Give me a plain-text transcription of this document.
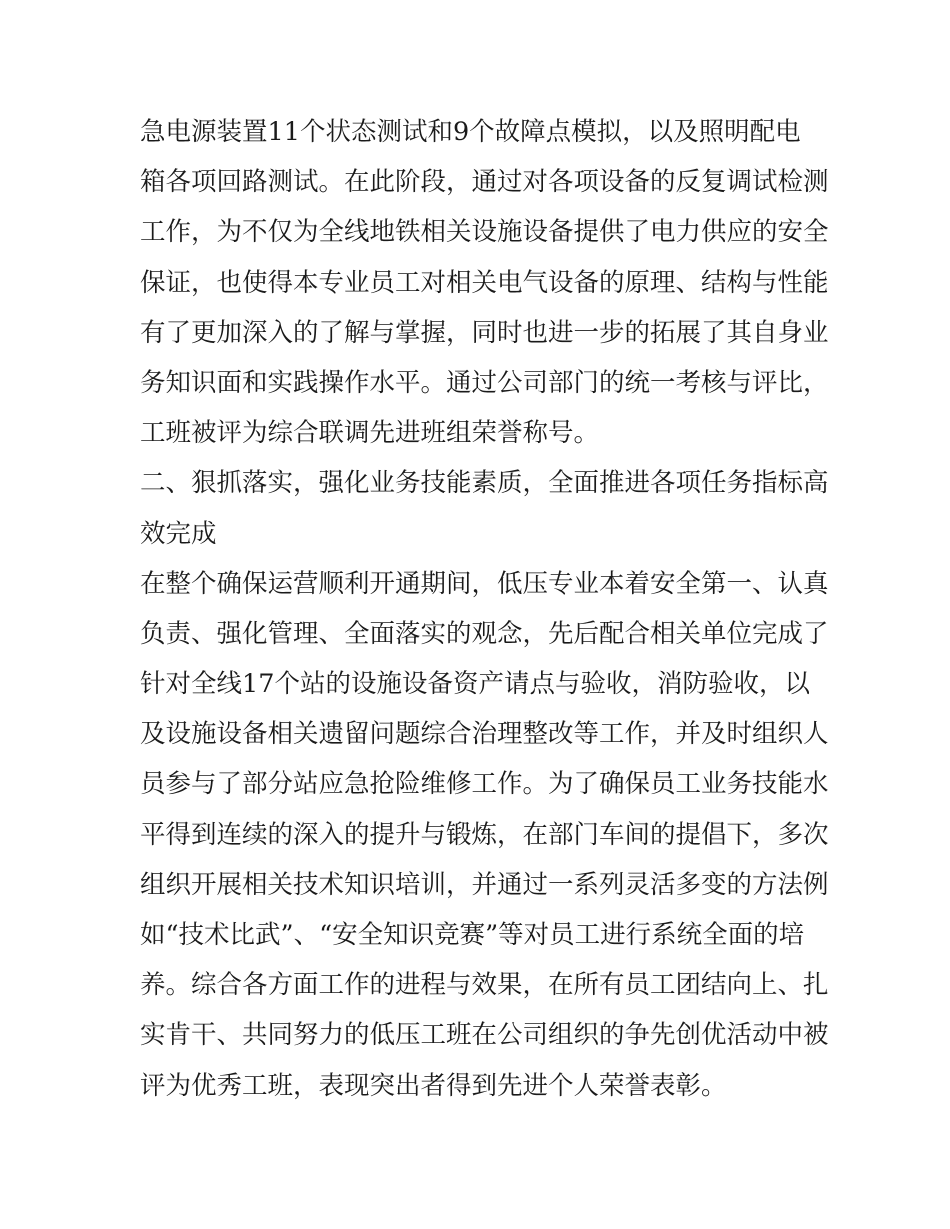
急电源装置11个状态测试和9个故障点模拟，以及照明配电
箱各项回路测试。在此阶段，通过对各项设备的反复调试检测
工作，为不仅为全线地铁相关设施设备提供了电力供应的安全
保证，也使得本专业员工对相关电气设备的原理、结构与性能
有了更加深入的了解与掌握，同时也进一步的拓展了其自身业
务知识面和实践操作水平。通过公司部门的统一考核与评比，
工班被评为综合联调先进班组荣誉称号。
二、狠抓落实，强化业务技能素质，全面推进各项任务指标高
效完成
在整个确保运营顺利开通期间，低压专业本着安全第一、认真
负责、强化管理、全面落实的观念，先后配合相关单位完成了
针对全线17个站的设施设备资产请点与验收，消防验收，以
及设施设备相关遗留问题综合治理整改等工作，并及时组织人
员参与了部分站应急抢险维修工作。为了确保员工业务技能水
平得到连续的深入的提升与锻炼，在部门车间的提倡下，多次
组织开展相关技术知识培训，并通过一系列灵活多变的方法例
如“技术比武”、“安全知识竞赛”等对员工进行系统全面的培
养。综合各方面工作的进程与效果，在所有员工团结向上、扎
实肯干、共同努力的低压工班在公司组织的争先创优活动中被
评为优秀工班，表现突出者得到先进个人荣誉表彰。
